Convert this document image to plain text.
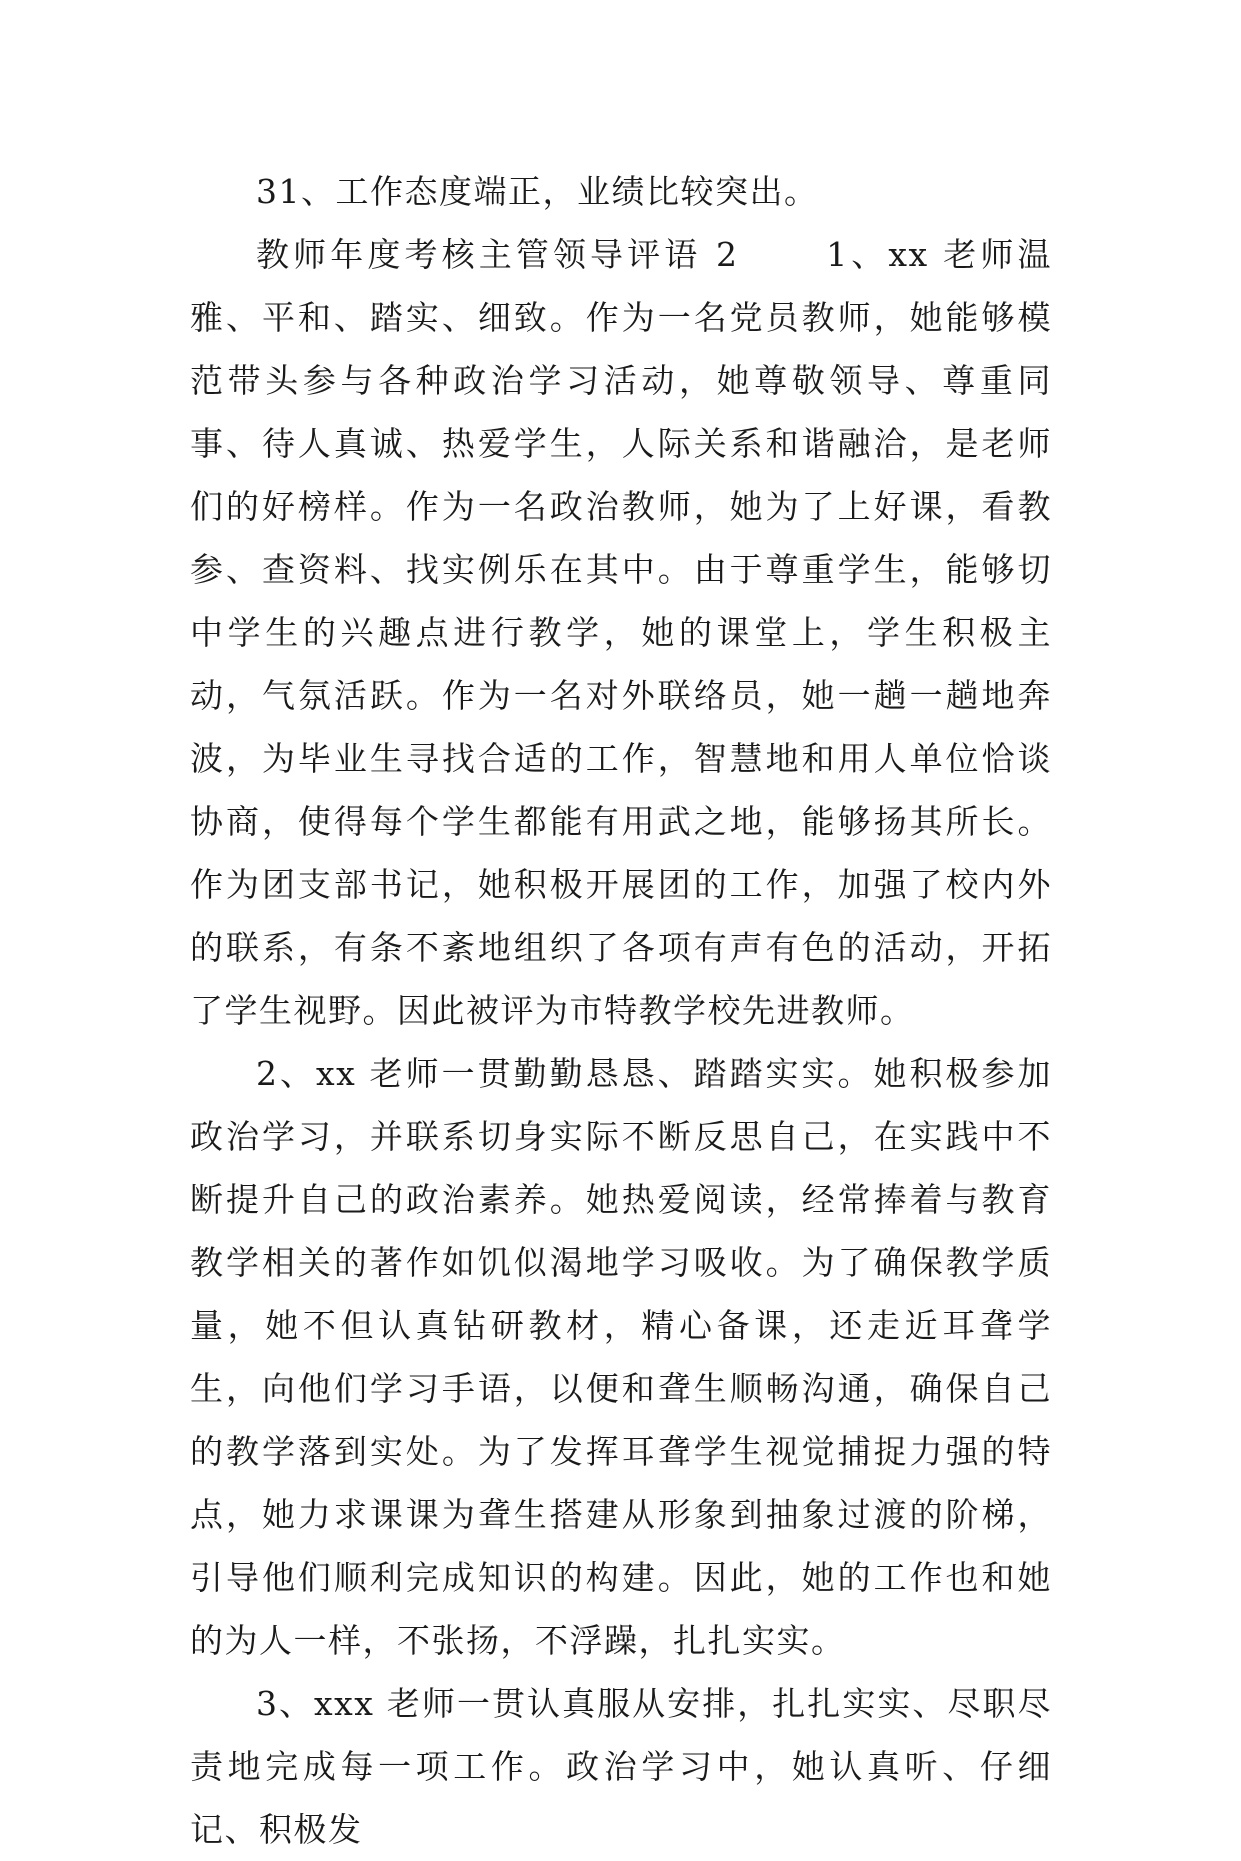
31、工作态度端正，业绩比较突出。

教师年度考核主管领导评语 2	1、xx 老师温雅、平和、踏实、细致。作为一名党员教师，她能够模范带头参与各种政治学习活动，她尊敬领导、尊重同事、待人真诚、热爱学生，人际关系和谐融洽，是老师们的好榜样。作为一名政治教师，她为了上好课，看教参、查资料、找实例乐在其中。由于尊重学生，能够切中学生的兴趣点进行教学，她的课堂上，学生积极主动，气氛活跃。作为一名对外联络员，她一趟一趟地奔波，为毕业生寻找合适的工作，智慧地和用人单位恰谈协商，使得每个学生都能有用武之地，能够扬其所长。作为团支部书记，她积极开展团的工作，加强了校内外的联系，有条不紊地组织了各项有声有色的活动，开拓了学生视野。因此被评为市特教学校先进教师。

2、xx 老师一贯勤勤恳恳、踏踏实实。她积极参加政治学习，并联系切身实际不断反思自己，在实践中不断提升自己的政治素养。她热爱阅读，经常捧着与教育教学相关的著作如饥似渴地学习吸收。为了确保教学质量，她不但认真钻研教材，精心备课，还走近耳聋学生，向他们学习手语，以便和聋生顺畅沟通，确保自己的教学落到实处。为了发挥耳聋学生视觉捕捉力强的特点，她力求课课为聋生搭建从形象到抽象过渡的阶梯，引导他们顺利完成知识的构建。因此，她的工作也和她的为人一样，不张扬，不浮躁，扎扎实实。

3、xxx 老师一贯认真服从安排，扎扎实实、尽职尽责地完成每一项工作。政治学习中，她认真听、仔细记、积极发
